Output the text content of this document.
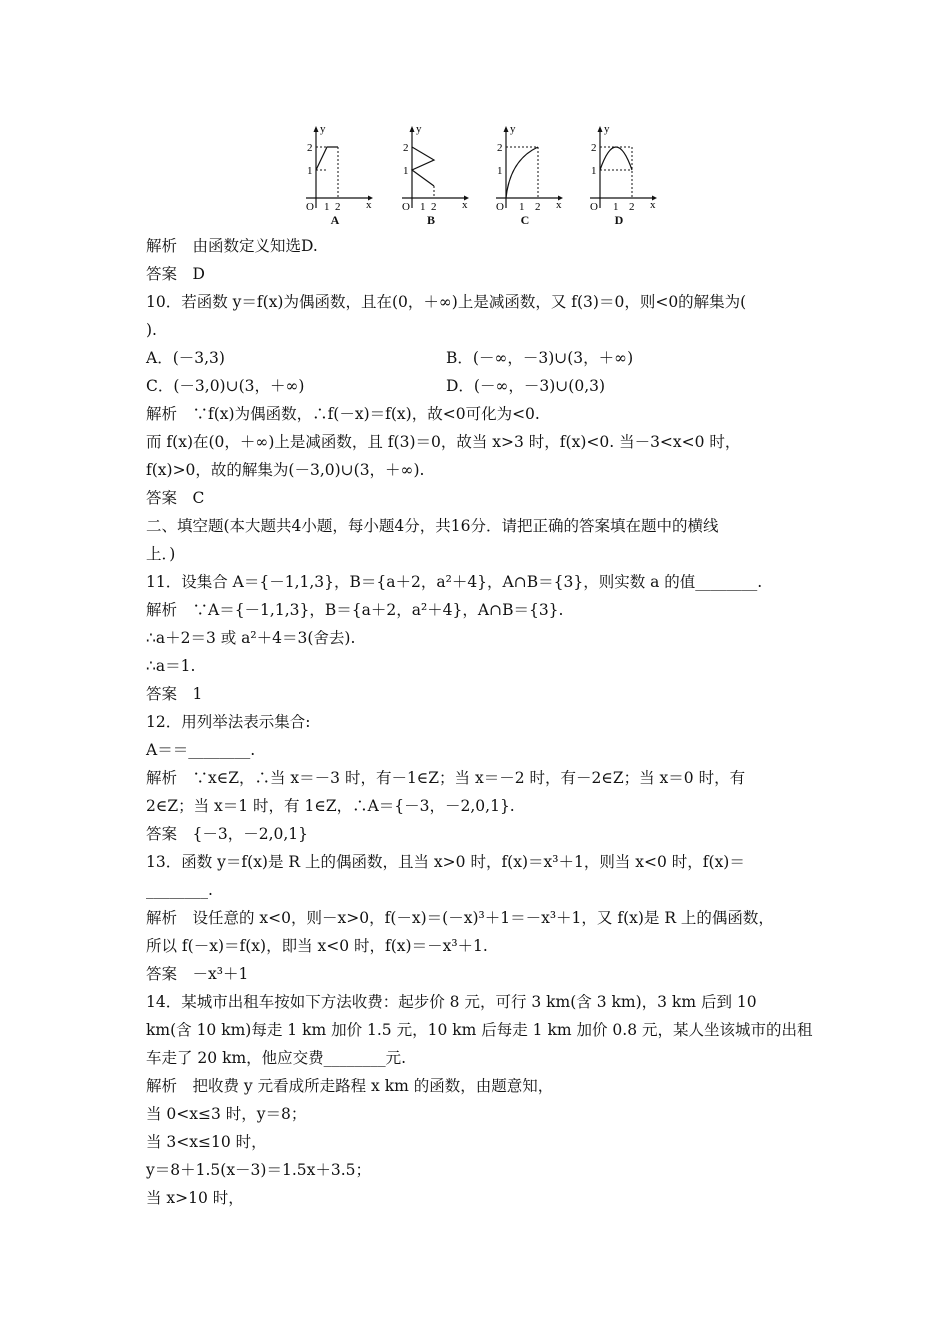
y
x
O 1 2
1
2
A
y
x
O 1 2
1
2
B
y
x
O 1 2
1
2
C
y
x
O 1 2
1
2
D
解析　由函数定义知选D.
答案　D
10．若函数 y＝f(x)为偶函数，且在(0，＋∞)上是减函数，又 f(3)＝0，则<0的解集为(
).
A．(－3,3)	B．(－∞，－3)∪(3，＋∞)
C．(－3,0)∪(3，＋∞)	D．(－∞，－3)∪(0,3)
解析　∵f(x)为偶函数，∴f(－x)＝f(x)，故<0可化为<0.
而 f(x)在(0，＋∞)上是减函数，且 f(3)＝0，故当 x>3 时，f(x)<0. 当－3<x<0 时，
f(x)>0，故的解集为(－3,0)∪(3，＋∞).
答案　C
二、填空题(本大题共4小题，每小题4分，共16分．请把正确的答案填在题中的横线
上．)
11．设集合 A＝{－1,1,3}，B＝{a＋2，a²＋4}，A∩B＝{3}，则实数 a 的值________.
解析　∵A＝{－1,1,3}，B＝{a＋2，a²＋4}，A∩B＝{3}.
∴a＋2＝3 或 a²＋4＝3(舍去).
∴a＝1.
答案　1
12．用列举法表示集合:
A＝＝________.
解析　∵x∈Z，∴当 x＝－3 时，有－1∈Z；当 x＝－2 时，有－2∈Z；当 x＝0 时，有
2∈Z；当 x＝1 时，有 1∈Z，∴A＝{－3，－2,0,1}.
答案　{－3，－2,0,1}
13．函数 y＝f(x)是 R 上的偶函数，且当 x>0 时，f(x)＝x³＋1，则当 x<0 时，f(x)＝
________.
解析　设任意的 x<0，则－x>0，f(－x)＝(－x)³＋1＝－x³＋1，又 f(x)是 R 上的偶函数，
所以 f(－x)＝f(x)，即当 x<0 时，f(x)＝－x³＋1.
答案　－x³＋1
14．某城市出租车按如下方法收费：起步价 8 元，可行 3 km(含 3 km)，3 km 后到 10
km(含 10 km)每走 1 km 加价 1.5 元，10 km 后每走 1 km 加价 0.8 元，某人坐该城市的出租
车走了 20 km，他应交费________元.
解析　把收费 y 元看成所走路程 x km 的函数，由题意知，
当 0<x≤3 时，y＝8；
当 3<x≤10 时，
y＝8＋1.5(x－3)＝1.5x＋3.5；
当 x>10 时，
